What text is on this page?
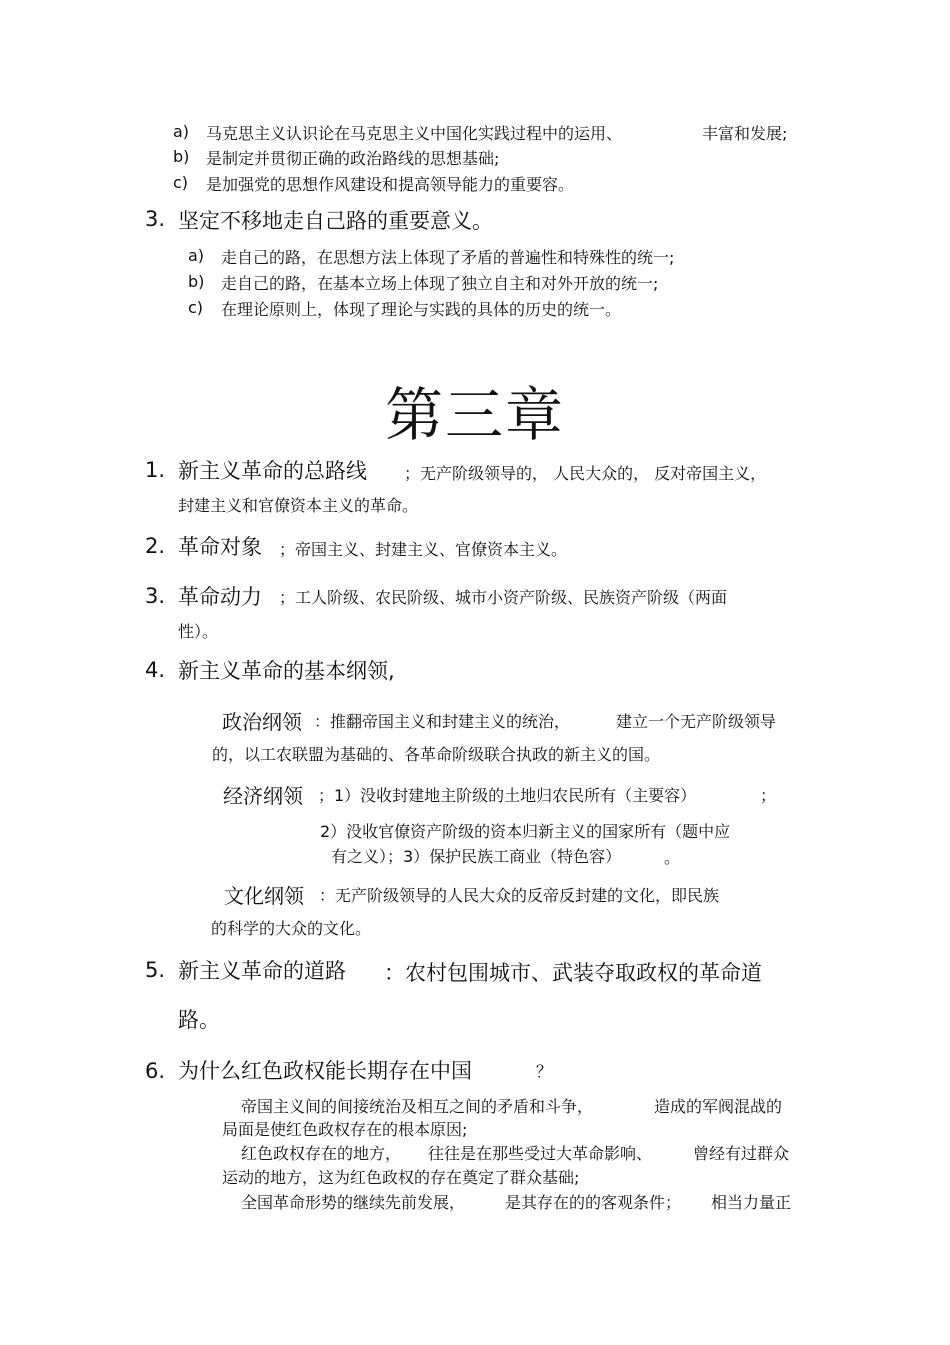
a) 马克思主义认识论在马克思主义中国化实践过程中的运用、	丰富和发展;
b) 是制定并贯彻正确的政治路线的思想基础;
c) 是加强党的思想作风建设和提高领导能力的重要容。
3. 坚定不移地走自己路的重要意义。
a) 走自己的路，在思想方法上体现了矛盾的普遍性和特殊性的统一;
b) 走自己的路，在基本立场上体现了独立自主和对外开放的统一;
c) 在理论原则上，体现了理论与实践的具体的历史的统一。
第三章
1. 新主义革命的总路线 ；无产阶级领导的， 人民大众的， 反对帝国主义，
封建主义和官僚资本主义的革命。
2. 革命对象 ；帝国主义、封建主义、官僚资本主义。
3. 革命动力 ；工人阶级、农民阶级、城市小资产阶级、民族资产阶级（两面
性）。
4. 新主义革命的基本纲领,
政治纲领 ：推翻帝国主义和封建主义的统治，	建立一个无产阶级领导
的，以工农联盟为基础的、各革命阶级联合执政的新主义的国。
经济纲领 ；1）没收封建地主阶级的土地归农民所有（主要容）	；
2）没收官僚资产阶级的资本归新主义的国家所有（题中应
有之义）；3）保护民族工商业（特色容）	。
文化纲领 ：无产阶级领导的人民大众的反帝反封建的文化，即民族
的科学的大众的文化。
5. 新主义革命的道路 ：农村包围城市、武装夺取政权的革命道
路。
6. 为什么红色政权能长期存在中国	？
帝国主义间的间接统治及相互之间的矛盾和斗争，	造成的军阀混战的
局面是使红色政权存在的根本原因;
红色政权存在的地方， 往往是在那些受过大革命影响、	曾经有过群众
运动的地方，这为红色政权的存在奠定了群众基础;
全国革命形势的继续先前发展， 是其存在的的客观条件； 相当力量正
